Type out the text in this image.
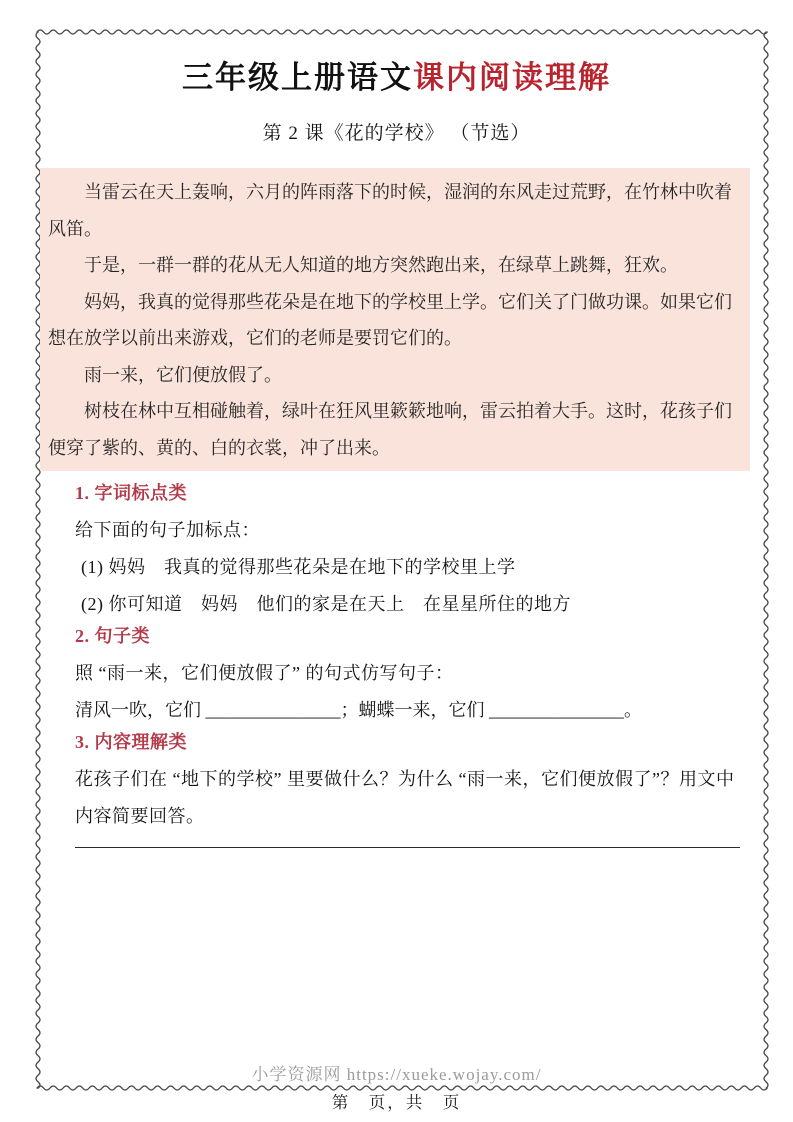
三年级上册语文课内阅读理解
第 2 课《花的学校》 （节选）

当雷云在天上轰响，六月的阵雨落下的时候，湿润的东风走过荒野，在竹林中吹着风笛。

于是，一群一群的花从无人知道的地方突然跑出来，在绿草上跳舞，狂欢。

妈妈，我真的觉得那些花朵是在地下的学校里上学。它们关了门做功课。如果它们想在放学以前出来游戏，它们的老师是要罚它们的。

雨一来，它们便放假了。

树枝在林中互相碰触着，绿叶在狂风里簌簌地响，雷云拍着大手。这时，花孩子们便穿了紫的、黄的、白的衣裳，冲了出来。

1. 字词标点类

给下面的句子加标点：

(1) 妈妈　我真的觉得那些花朵是在地下的学校里上学

(2) 你可知道　妈妈　他们的家是在天上　在星星所住的地方

2. 句子类

照 “雨一来，它们便放假了” 的句式仿写句子：

清风一吹，它们 _______________；蝴蝶一来，它们 _______________。

3. 内容理解类

花孩子们在 “地下的学校” 里要做什么？为什么 “雨一来，它们便放假了”？用文中内容简要回答。

小学资源网 https://xueke.wojay.com/
第　页，共　页
